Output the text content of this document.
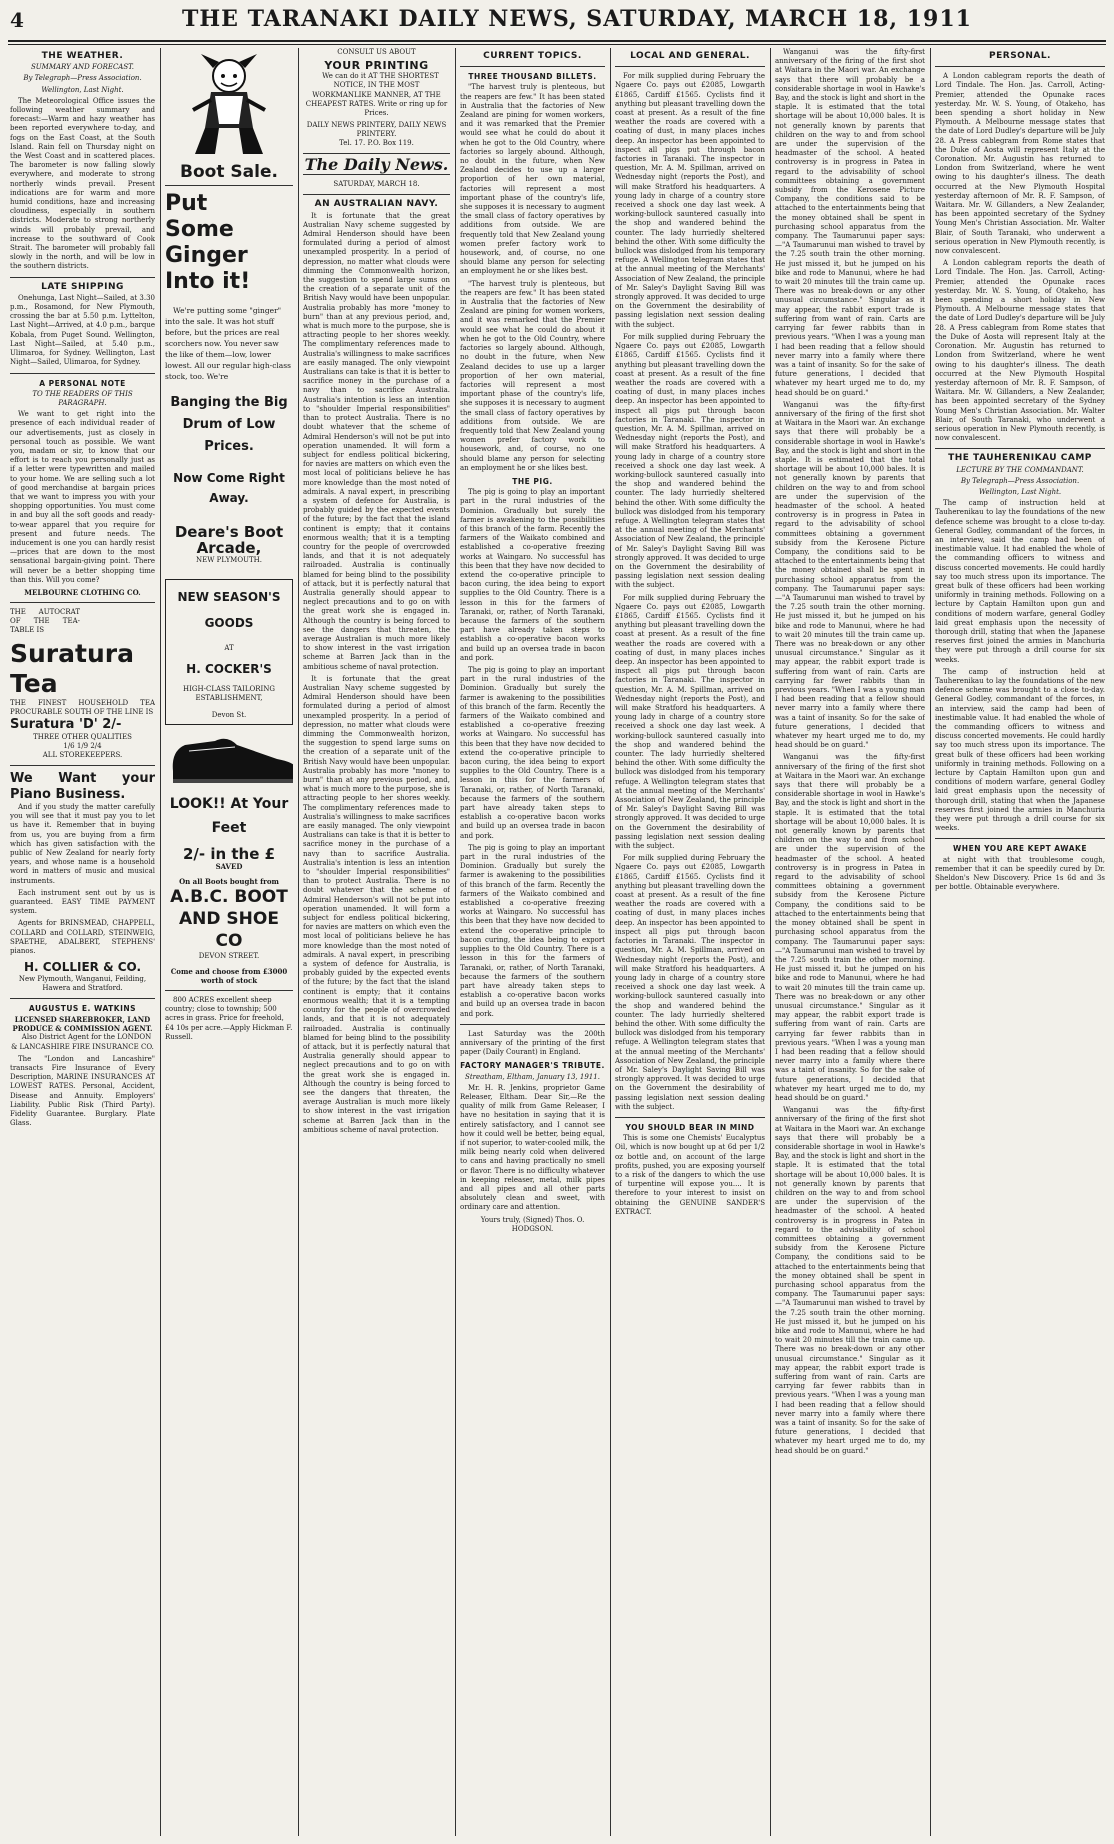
4	THE TARANAKI DAILY NEWS, SATURDAY, MARCH 18, 1911
THE WEATHER.
SUMMARY AND FORECAST.
By Telegraph—Press Association.
Wellington, Last Night.

The Meteorological Office issues the following weather summary and forecast:—Warm and hazy weather has been reported everywhere to-day, and fogs on the East Coast, at the South Island. Rain fell on Thursday night on the West Coast and in scattered places. The barometer is now falling slowly everywhere, and moderate to strong northerly winds prevail. Present indications are for warm and more humid conditions, haze and increasing cloudiness, especially in southern districts. Moderate to strong northerly winds will probably prevail, and increase to the southward of Cook Strait. The barometer will probably fall slowly in the north, and will be low in the southern districts.

LATE SHIPPING

Onehunga, Last Night—Sailed, at 3.30 p.m., Rosamond, for New Plymouth, crossing the bar at 5.50 p.m. Lyttelton, Last Night—Arrived, at 4.0 p.m., barque Kobala, from Puget Sound. Wellington, Last Night—Sailed, at 5.40 p.m., Ulimaroa, for Sydney. Wellington, Last Night—Sailed, Ulimaroa, for Sydney.

A PERSONAL NOTE
TO THE READERS OF THIS PARAGRAPH.

We want to get right into the presence of each individual reader of our advertisements, just as closely in personal touch as possible. We want you, madam or sir, to know that our effort is to reach you personally just as if a letter were typewritten and mailed to your home. We are selling such a lot of good merchandise at bargain prices that we want to impress you with your shopping opportunities. You must come in and buy all the soft goods and ready-to-wear apparel that you require for present and future needs. The inducement is one you can hardly resist—prices that are down to the most sensational bargain-giving point. There will never be a better shopping time than this. Will you come?

MELBOURNE CLOTHING CO.
THE AUTOCRAT OF THE TEA-TABLE IS
Suratura Tea
THE FINEST HOUSEHOLD TEA PROCURABLE SOUTH OF THE LINE IS
Suratura 'D' 2/-
THREE OTHER QUALITIES
1/6 1/9 2/4
ALL STOREKEEPERS.
We Want your Piano Business.

And if you study the matter carefully you will see that it must pay you to let us have it. Remember that in buying from us, you are buying from a firm which has given satisfaction with the public of New Zealand for nearly forty years, and whose name is a household word in matters of music and musical instruments.

Each instrument sent out by us is guaranteed. EASY TIME PAYMENT system.

Agents for BRINSMEAD, CHAPPELL, COLLARD and COLLARD, STEINWEIG, SPAETHE, ADALBERT, STEPHENS' pianos.

H. COLLIER & CO.
New Plymouth, Wanganui, Feilding, Hawera and Stratford.
AUGUSTUS E. WATKINS
LICENSED SHAREBROKER, LAND PRODUCE & COMMISSION AGENT.

Also District Agent for the LONDON & LANCASHIRE FIRE INSURANCE CO.

The "London and Lancashire" transacts Fire Insurance of Every Description, MARINE INSURANCES AT LOWEST RATES. Personal, Accident, Disease and Annuity. Employers' Liability. Public Risk (Third Party). Fidelity Guarantee. Burglary. Plate Glass.

Boot Sale.
Put
Some
Ginger
Into it!

We're putting some "ginger" into the sale. It was hot stuff before, but the prices are real scorchers now. You never saw the like of them—low, lower lowest. All our regular high-class stock, too. We're

Banging the Big Drum of Low Prices.
Now Come Right Away.
Deare's Boot Arcade,
NEW PLYMOUTH.
NEW SEASON'S GOODS
AT
H. COCKER'S
HIGH-CLASS TAILORING ESTABLISHMENT,
Devon St.
LOOK!! At Your Feet
2/- in the £
SAVED
On all Boots bought from
A.B.C. BOOT AND SHOE CO
DEVON STREET.
Come and choose from £3000 worth of stock

800 ACRES excellent sheep country; close to township; 500 acres in grass. Price for freehold, £4 10s per acre.—Apply Hickman F. Russell.

CONSULT US ABOUT
YOUR PRINTING

We can do it AT THE SHORTEST NOTICE, IN THE MOST WORKMANLIKE MANNER, AT THE CHEAPEST RATES. Write or ring up for Prices.

DAILY NEWS PRINTERY, DAILY NEWS PRINTERY.
Tel. 17. P.O. Box 119.
The Daily News.
SATURDAY, MARCH 18.
AN AUSTRALIAN NAVY.

It is fortunate that the great Australian Navy scheme suggested by Admiral Henderson should have been formulated during a period of almost unexampled prosperity. In a period of depression, no matter what clouds were dimming the Commonwealth horizon, the suggestion to spend large sums on the creation of a separate unit of the British Navy would have been unpopular. Australia probably has more "money to burn" than at any previous period, and, what is much more to the purpose, she is attracting people to her shores weekly. The complimentary references made to Australia's willingness to make sacrifices are easily managed. The only viewpoint Australians can take is that it is better to sacrifice money in the purchase of a navy than to sacrifice Australia. Australia's intention is less an intention to "shoulder Imperial responsibilities" than to protect Australia. There is no doubt whatever that the scheme of Admiral Henderson's will not be put into operation unamended. It will form a subject for endless political bickering, for navies are matters on which even the most local of politicians believe he has more knowledge than the most noted of admirals. A naval expert, in prescribing a system of defence for Australia, is probably guided by the expected events of the future; by the fact that the island continent is empty; that it contains enormous wealth; that it is a tempting country for the people of overcrowded lands, and that it is not adequately railroaded. Australia is continually blamed for being blind to the possibility of attack, but it is perfectly natural that Australia generally should appear to neglect precautions and to go on with the great work she is engaged in. Although the country is being forced to see the dangers that threaten, the average Australian is much more likely to show interest in the vast irrigation scheme at Barren Jack than in the ambitious scheme of naval protection.

It is fortunate that the great Australian Navy scheme suggested by Admiral Henderson should have been formulated during a period of almost unexampled prosperity. In a period of depression, no matter what clouds were dimming the Commonwealth horizon, the suggestion to spend large sums on the creation of a separate unit of the British Navy would have been unpopular. Australia probably has more "money to burn" than at any previous period, and, what is much more to the purpose, she is attracting people to her shores weekly. The complimentary references made to Australia's willingness to make sacrifices are easily managed. The only viewpoint Australians can take is that it is better to sacrifice money in the purchase of a navy than to sacrifice Australia. Australia's intention is less an intention to "shoulder Imperial responsibilities" than to protect Australia. There is no doubt whatever that the scheme of Admiral Henderson's will not be put into operation unamended. It will form a subject for endless political bickering, for navies are matters on which even the most local of politicians believe he has more knowledge than the most noted of admirals. A naval expert, in prescribing a system of defence for Australia, is probably guided by the expected events of the future; by the fact that the island continent is empty; that it contains enormous wealth; that it is a tempting country for the people of overcrowded lands, and that it is not adequately railroaded. Australia is continually blamed for being blind to the possibility of attack, but it is perfectly natural that Australia generally should appear to neglect precautions and to go on with the great work she is engaged in. Although the country is being forced to see the dangers that threaten, the average Australian is much more likely to show interest in the vast irrigation scheme at Barren Jack than in the ambitious scheme of naval protection.

CURRENT TOPICS.
THREE THOUSAND BILLETS.

"The harvest truly is plenteous, but the reapers are few." It has been stated in Australia that the factories of New Zealand are pining for women workers, and it was remarked that the Premier would see what he could do about it when he got to the Old Country, where factories so largely abound. Although, no doubt in the future, when New Zealand decides to use up a larger proportion of her own material, factories will represent a most important phase of the country's life, she supposes it is necessary to augment the small class of factory operatives by additions from outside. We are frequently told that New Zealand young women prefer factory work to housework, and, of course, no one should blame any person for selecting an employment he or she likes best.

"The harvest truly is plenteous, but the reapers are few." It has been stated in Australia that the factories of New Zealand are pining for women workers, and it was remarked that the Premier would see what he could do about it when he got to the Old Country, where factories so largely abound. Although, no doubt in the future, when New Zealand decides to use up a larger proportion of her own material, factories will represent a most important phase of the country's life, she supposes it is necessary to augment the small class of factory operatives by additions from outside. We are frequently told that New Zealand young women prefer factory work to housework, and, of course, no one should blame any person for selecting an employment he or she likes best.

THE PIG.

The pig is going to play an important part in the rural industries of the Dominion. Gradually but surely the farmer is awakening to the possibilities of this branch of the farm. Recently the farmers of the Waikato combined and established a co-operative freezing works at Waingaro. No successful has this been that they have now decided to extend the co-operative principle to bacon curing, the idea being to export supplies to the Old Country. There is a lesson in this for the farmers of Taranaki, or, rather, of North Taranaki, because the farmers of the southern part have already taken steps to establish a co-operative bacon works and build up an oversea trade in bacon and pork.

The pig is going to play an important part in the rural industries of the Dominion. Gradually but surely the farmer is awakening to the possibilities of this branch of the farm. Recently the farmers of the Waikato combined and established a co-operative freezing works at Waingaro. No successful has this been that they have now decided to extend the co-operative principle to bacon curing, the idea being to export supplies to the Old Country. There is a lesson in this for the farmers of Taranaki, or, rather, of North Taranaki, because the farmers of the southern part have already taken steps to establish a co-operative bacon works and build up an oversea trade in bacon and pork.

The pig is going to play an important part in the rural industries of the Dominion. Gradually but surely the farmer is awakening to the possibilities of this branch of the farm. Recently the farmers of the Waikato combined and established a co-operative freezing works at Waingaro. No successful has this been that they have now decided to extend the co-operative principle to bacon curing, the idea being to export supplies to the Old Country. There is a lesson in this for the farmers of Taranaki, or, rather, of North Taranaki, because the farmers of the southern part have already taken steps to establish a co-operative bacon works and build up an oversea trade in bacon and pork.

Last Saturday was the 200th anniversary of the printing of the first paper (Daily Courant) in England.

FACTORY MANAGER'S TRIBUTE.
Streatham, Eltham, January 13, 1911.

Mr. H. R. Jenkins, proprietor Game Releaser, Eltham. Dear Sir,—Re the quality of milk from Game Releaser, I have no hesitation in saying that it is entirely satisfactory, and I cannot see how it could well be better, being equal, if not superior, to water-cooled milk, the milk being nearly cold when delivered to cans and having practically no smell or flavor. There is no difficulty whatever in keeping releaser, metal, milk pipes and all pipes and all other parts absolutely clean and sweet, with ordinary care and attention.

Yours truly, (Signed) Thos. O. HODGSON.
LOCAL AND GENERAL.

For milk supplied during February the Ngaere Co. pays out £2085, Lowgarth £1865, Cardiff £1565. Cyclists find it anything but pleasant travelling down the coast at present. As a result of the fine weather the roads are covered with a coating of dust, in many places inches deep. An inspector has been appointed to inspect all pigs put through bacon factories in Taranaki. The inspector in question, Mr. A. M. Spillman, arrived on Wednesday night (reports the Post), and will make Stratford his headquarters. A young lady in charge of a country store received a shock one day last week. A working-bullock sauntered casually into the shop and wandered behind the counter. The lady hurriedly sheltered behind the other. With some difficulty the bullock was dislodged from his temporary refuge. A Wellington telegram states that at the annual meeting of the Merchants' Association of New Zealand, the principle of Mr. Saley's Daylight Saving Bill was strongly approved. It was decided to urge on the Government the desirability of passing legislation next session dealing with the subject.

For milk supplied during February the Ngaere Co. pays out £2085, Lowgarth £1865, Cardiff £1565. Cyclists find it anything but pleasant travelling down the coast at present. As a result of the fine weather the roads are covered with a coating of dust, in many places inches deep. An inspector has been appointed to inspect all pigs put through bacon factories in Taranaki. The inspector in question, Mr. A. M. Spillman, arrived on Wednesday night (reports the Post), and will make Stratford his headquarters. A young lady in charge of a country store received a shock one day last week. A working-bullock sauntered casually into the shop and wandered behind the counter. The lady hurriedly sheltered behind the other. With some difficulty the bullock was dislodged from his temporary refuge. A Wellington telegram states that at the annual meeting of the Merchants' Association of New Zealand, the principle of Mr. Saley's Daylight Saving Bill was strongly approved. It was decided to urge on the Government the desirability of passing legislation next session dealing with the subject.

For milk supplied during February the Ngaere Co. pays out £2085, Lowgarth £1865, Cardiff £1565. Cyclists find it anything but pleasant travelling down the coast at present. As a result of the fine weather the roads are covered with a coating of dust, in many places inches deep. An inspector has been appointed to inspect all pigs put through bacon factories in Taranaki. The inspector in question, Mr. A. M. Spillman, arrived on Wednesday night (reports the Post), and will make Stratford his headquarters. A young lady in charge of a country store received a shock one day last week. A working-bullock sauntered casually into the shop and wandered behind the counter. The lady hurriedly sheltered behind the other. With some difficulty the bullock was dislodged from his temporary refuge. A Wellington telegram states that at the annual meeting of the Merchants' Association of New Zealand, the principle of Mr. Saley's Daylight Saving Bill was strongly approved. It was decided to urge on the Government the desirability of passing legislation next session dealing with the subject.

For milk supplied during February the Ngaere Co. pays out £2085, Lowgarth £1865, Cardiff £1565. Cyclists find it anything but pleasant travelling down the coast at present. As a result of the fine weather the roads are covered with a coating of dust, in many places inches deep. An inspector has been appointed to inspect all pigs put through bacon factories in Taranaki. The inspector in question, Mr. A. M. Spillman, arrived on Wednesday night (reports the Post), and will make Stratford his headquarters. A young lady in charge of a country store received a shock one day last week. A working-bullock sauntered casually into the shop and wandered behind the counter. The lady hurriedly sheltered behind the other. With some difficulty the bullock was dislodged from his temporary refuge. A Wellington telegram states that at the annual meeting of the Merchants' Association of New Zealand, the principle of Mr. Saley's Daylight Saving Bill was strongly approved. It was decided to urge on the Government the desirability of passing legislation next session dealing with the subject.

YOU SHOULD BEAR IN MIND

This is some one Chemists' Eucalyptus Oil, which is now bought up at 6d per 1/2 oz bottle and, on account of the large profits, pushed, you are exposing yourself to a risk of the dangers to which the use of turpentine will expose you.... It is therefore to your interest to insist on obtaining the GENUINE SANDER'S EXTRACT.

Wanganui was the fifty-first anniversary of the firing of the first shot at Waitara in the Maori war. An exchange says that there will probably be a considerable shortage in wool in Hawke's Bay, and the stock is light and short in the staple. It is estimated that the total shortage will be about 10,000 bales. It is not generally known by parents that children on the way to and from school are under the supervision of the headmaster of the school. A heated controversy is in progress in Patea in regard to the advisability of school committees obtaining a government subsidy from the Kerosene Picture Company, the conditions said to be attached to the entertainments being that the money obtained shall be spent in purchasing school apparatus from the company. The Taumarunui paper says:—"A Taumarunui man wished to travel by the 7.25 south train the other morning. He just missed it, but he jumped on his bike and rode to Manunui, where he had to wait 20 minutes till the train came up. There was no break-down or any other unusual circumstance." Singular as it may appear, the rabbit export trade is suffering from want of rain. Carts are carrying far fewer rabbits than in previous years. "When I was a young man I had been reading that a fellow should never marry into a family where there was a taint of insanity. So for the sake of future generations, I decided that whatever my heart urged me to do, my head should be on guard."

Wanganui was the fifty-first anniversary of the firing of the first shot at Waitara in the Maori war. An exchange says that there will probably be a considerable shortage in wool in Hawke's Bay, and the stock is light and short in the staple. It is estimated that the total shortage will be about 10,000 bales. It is not generally known by parents that children on the way to and from school are under the supervision of the headmaster of the school. A heated controversy is in progress in Patea in regard to the advisability of school committees obtaining a government subsidy from the Kerosene Picture Company, the conditions said to be attached to the entertainments being that the money obtained shall be spent in purchasing school apparatus from the company. The Taumarunui paper says:—"A Taumarunui man wished to travel by the 7.25 south train the other morning. He just missed it, but he jumped on his bike and rode to Manunui, where he had to wait 20 minutes till the train came up. There was no break-down or any other unusual circumstance." Singular as it may appear, the rabbit export trade is suffering from want of rain. Carts are carrying far fewer rabbits than in previous years. "When I was a young man I had been reading that a fellow should never marry into a family where there was a taint of insanity. So for the sake of future generations, I decided that whatever my heart urged me to do, my head should be on guard."

Wanganui was the fifty-first anniversary of the firing of the first shot at Waitara in the Maori war. An exchange says that there will probably be a considerable shortage in wool in Hawke's Bay, and the stock is light and short in the staple. It is estimated that the total shortage will be about 10,000 bales. It is not generally known by parents that children on the way to and from school are under the supervision of the headmaster of the school. A heated controversy is in progress in Patea in regard to the advisability of school committees obtaining a government subsidy from the Kerosene Picture Company, the conditions said to be attached to the entertainments being that the money obtained shall be spent in purchasing school apparatus from the company. The Taumarunui paper says:—"A Taumarunui man wished to travel by the 7.25 south train the other morning. He just missed it, but he jumped on his bike and rode to Manunui, where he had to wait 20 minutes till the train came up. There was no break-down or any other unusual circumstance." Singular as it may appear, the rabbit export trade is suffering from want of rain. Carts are carrying far fewer rabbits than in previous years. "When I was a young man I had been reading that a fellow should never marry into a family where there was a taint of insanity. So for the sake of future generations, I decided that whatever my heart urged me to do, my head should be on guard."

Wanganui was the fifty-first anniversary of the firing of the first shot at Waitara in the Maori war. An exchange says that there will probably be a considerable shortage in wool in Hawke's Bay, and the stock is light and short in the staple. It is estimated that the total shortage will be about 10,000 bales. It is not generally known by parents that children on the way to and from school are under the supervision of the headmaster of the school. A heated controversy is in progress in Patea in regard to the advisability of school committees obtaining a government subsidy from the Kerosene Picture Company, the conditions said to be attached to the entertainments being that the money obtained shall be spent in purchasing school apparatus from the company. The Taumarunui paper says:—"A Taumarunui man wished to travel by the 7.25 south train the other morning. He just missed it, but he jumped on his bike and rode to Manunui, where he had to wait 20 minutes till the train came up. There was no break-down or any other unusual circumstance." Singular as it may appear, the rabbit export trade is suffering from want of rain. Carts are carrying far fewer rabbits than in previous years. "When I was a young man I had been reading that a fellow should never marry into a family where there was a taint of insanity. So for the sake of future generations, I decided that whatever my heart urged me to do, my head should be on guard."

PERSONAL.

A London cablegram reports the death of Lord Tindale. The Hon. Jas. Carroll, Acting-Premier, attended the Opunake races yesterday. Mr. W. S. Young, of Otakeho, has been spending a short holiday in New Plymouth. A Melbourne message states that the date of Lord Dudley's departure will be July 28. A Press cablegram from Rome states that the Duke of Aosta will represent Italy at the Coronation. Mr. Augustin has returned to London from Switzerland, where he went owing to his daughter's illness. The death occurred at the New Plymouth Hospital yesterday afternoon of Mr. R. F. Sampson, of Waitara. Mr. W. Gillanders, a New Zealander, has been appointed secretary of the Sydney Young Men's Christian Association. Mr. Walter Blair, of South Taranaki, who underwent a serious operation in New Plymouth recently, is now convalescent.

A London cablegram reports the death of Lord Tindale. The Hon. Jas. Carroll, Acting-Premier, attended the Opunake races yesterday. Mr. W. S. Young, of Otakeho, has been spending a short holiday in New Plymouth. A Melbourne message states that the date of Lord Dudley's departure will be July 28. A Press cablegram from Rome states that the Duke of Aosta will represent Italy at the Coronation. Mr. Augustin has returned to London from Switzerland, where he went owing to his daughter's illness. The death occurred at the New Plymouth Hospital yesterday afternoon of Mr. R. F. Sampson, of Waitara. Mr. W. Gillanders, a New Zealander, has been appointed secretary of the Sydney Young Men's Christian Association. Mr. Walter Blair, of South Taranaki, who underwent a serious operation in New Plymouth recently, is now convalescent.

THE TAUHERENIKAU CAMP
LECTURE BY THE COMMANDANT.
By Telegraph—Press Association.
Wellington, Last Night.

The camp of instruction held at Tauherenikau to lay the foundations of the new defence scheme was brought to a close to-day. General Godley, commandant of the forces, in an interview, said the camp had been of inestimable value. It had enabled the whole of the commanding officers to witness and discuss concerted movements. He could hardly say too much stress upon its importance. The great bulk of these officers had been working uniformly in training methods. Following on a lecture by Captain Hamilton upon gun and conditions of modern warfare, general Godley laid great emphasis upon the necessity of thorough drill, stating that when the Japanese reserves first joined the armies in Manchuria they were put through a drill course for six weeks.

The camp of instruction held at Tauherenikau to lay the foundations of the new defence scheme was brought to a close to-day. General Godley, commandant of the forces, in an interview, said the camp had been of inestimable value. It had enabled the whole of the commanding officers to witness and discuss concerted movements. He could hardly say too much stress upon its importance. The great bulk of these officers had been working uniformly in training methods. Following on a lecture by Captain Hamilton upon gun and conditions of modern warfare, general Godley laid great emphasis upon the necessity of thorough drill, stating that when the Japanese reserves first joined the armies in Manchuria they were put through a drill course for six weeks.

WHEN YOU ARE KEPT AWAKE

at night with that troublesome cough, remember that it can be speedily cured by Dr. Sheldon's New Discovery. Price 1s 6d and 3s per bottle. Obtainable everywhere.
